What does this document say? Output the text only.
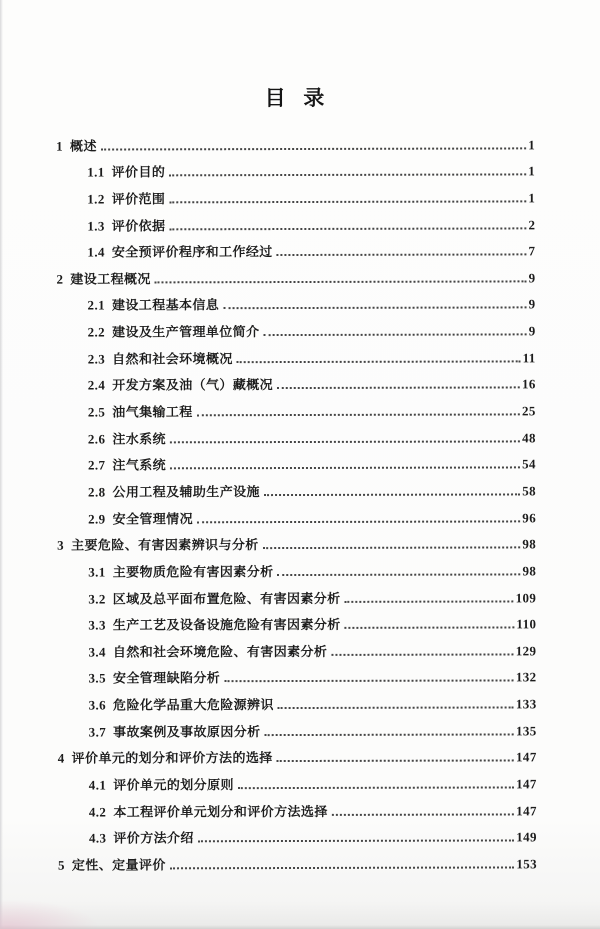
目  录
1 概述	1
1.1 评价目的	1
1.2 评价范围	1
1.3 评价依据	2
1.4 安全预评价程序和工作经过	7
2 建设工程概况	9
2.1 建设工程基本信息	9
2.2 建设及生产管理单位简介	9
2.3 自然和社会环境概况	11
2.4 开发方案及油（气）藏概况	16
2.5 油气集输工程	25
2.6 注水系统	48
2.7 注气系统	54
2.8 公用工程及辅助生产设施	58
2.9 安全管理情况	96
3 主要危险、有害因素辨识与分析	98
3.1 主要物质危险有害因素分析	98
3.2 区域及总平面布置危险、有害因素分析	109
3.3 生产工艺及设备设施危险有害因素分析	110
3.4 自然和社会环境危险、有害因素分析	129
3.5 安全管理缺陷分析	132
3.6 危险化学品重大危险源辨识	133
3.7 事故案例及事故原因分析	135
4 评价单元的划分和评价方法的选择	147
4.1 评价单元的划分原则	147
4.2 本工程评价单元划分和评价方法选择	147
4.3 评价方法介绍	149
5 定性、定量评价	153
